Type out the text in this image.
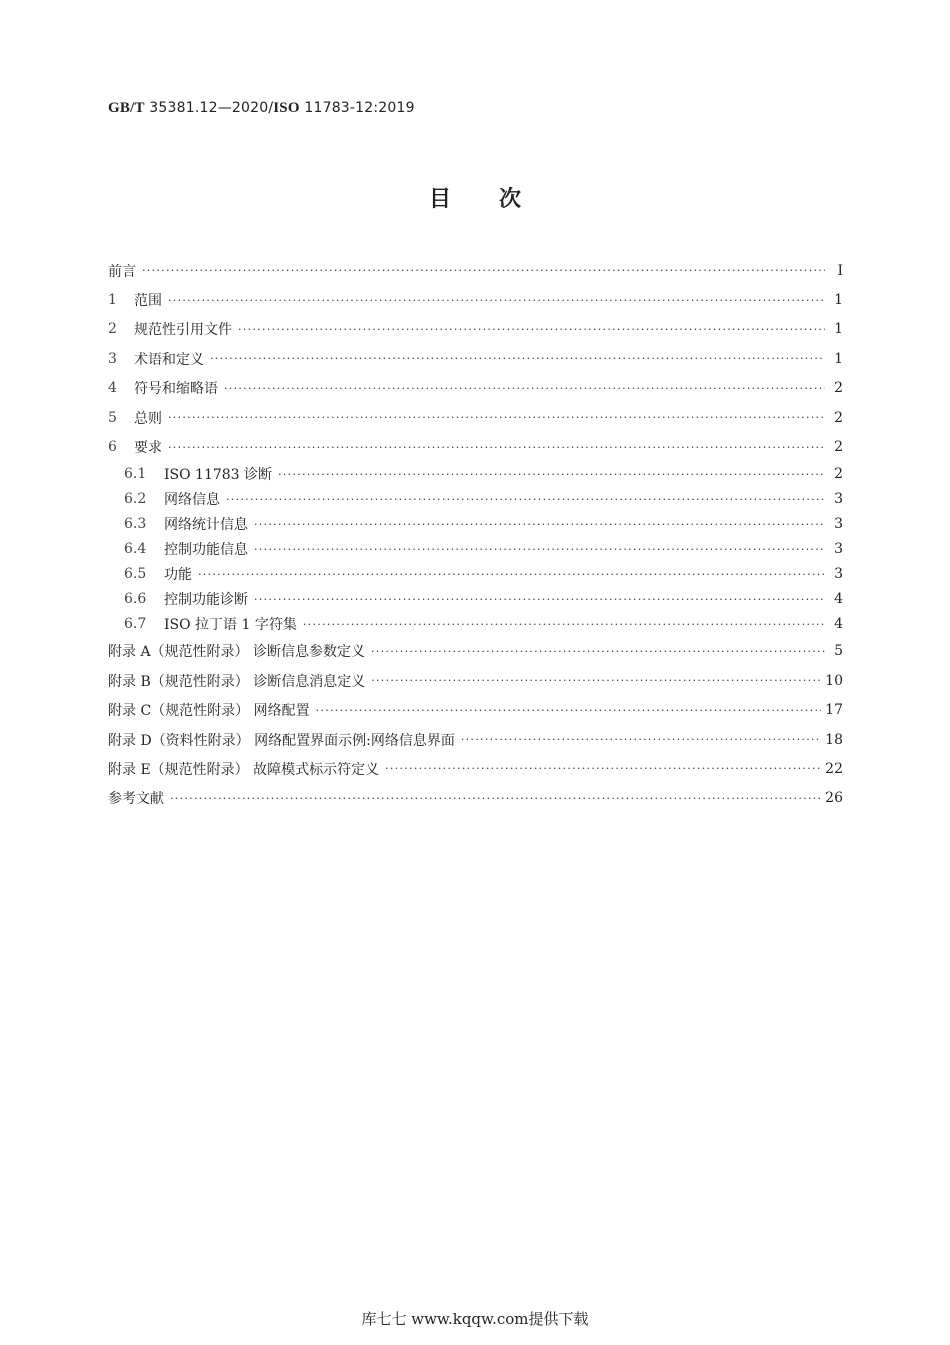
GB/T 35381.12—2020/ISO 11783-12:2019
目次
前言 ·····	Ⅰ
1	范围 ·····	1
2	规范性引用文件 ·····	1
3	术语和定义 ·····	1
4	符号和缩略语 ·····	2
5	总则 ·····	2
6	要求 ·····	2
6.1	ISO 11783 诊断 ·····	2
6.2	网络信息 ·····	3
6.3	网络统计信息 ·····	3
6.4	控制功能信息 ·····	3
6.5	功能 ·····	3
6.6	控制功能诊断 ·····	4
6.7	ISO 拉丁语 1 字符集 ·····	4
附录 A（规范性附录） 诊断信息参数定义 ·····	5
附录 B（规范性附录） 诊断信息消息定义 ·····	10
附录 C（规范性附录） 网络配置 ·····	17
附录 D（资料性附录） 网络配置界面示例:网络信息界面 ·····	18
附录 E（规范性附录） 故障模式标示符定义 ·····	22
参考文献 ·····	26
库七七 www.kqqw.com提供下载
